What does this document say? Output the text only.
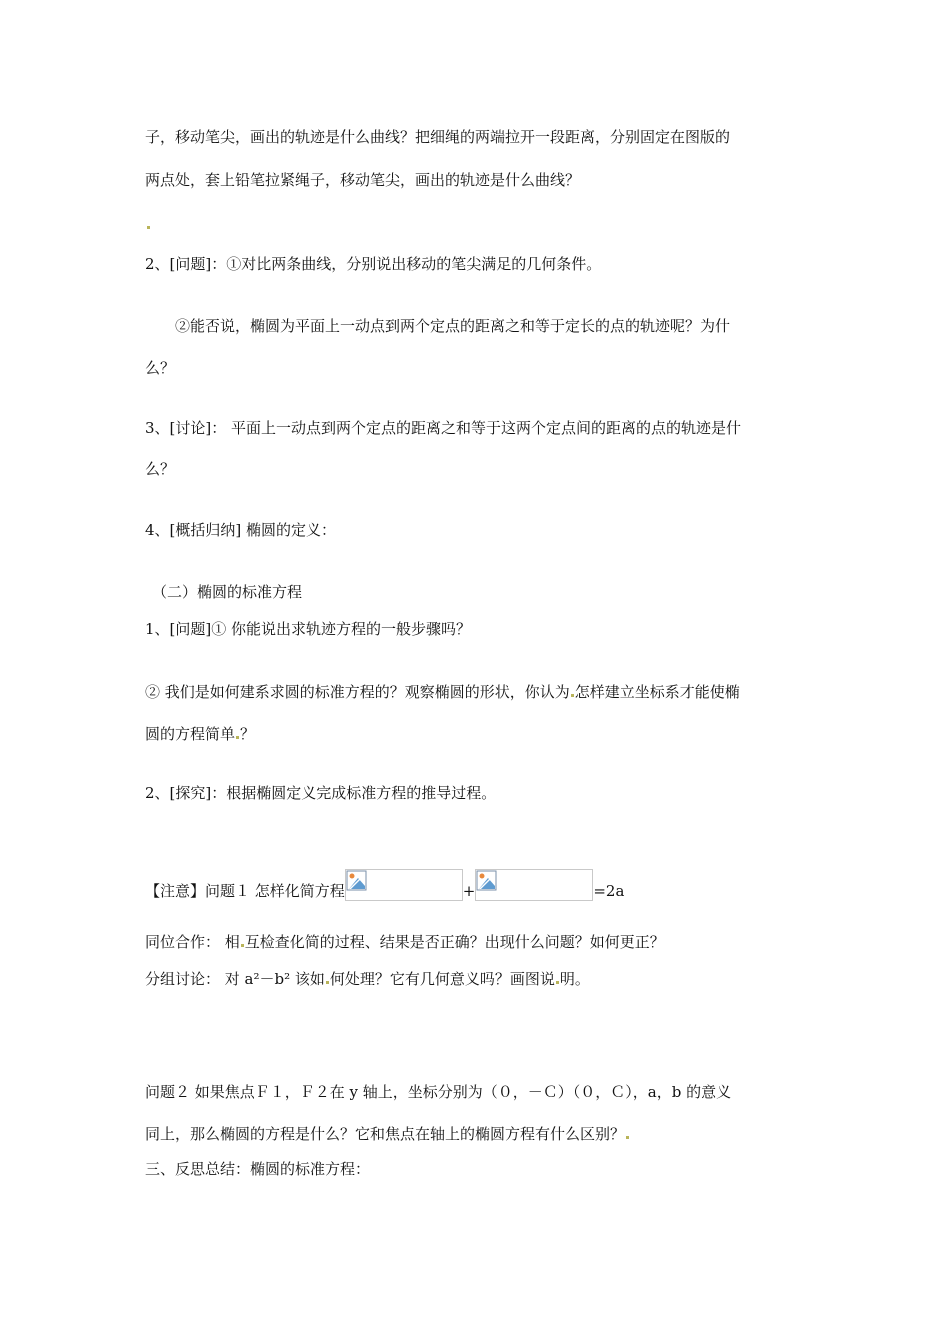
子，移动笔尖，画出的轨迹是什么曲线？把细绳的两端拉开一段距离，分别固定在图版的
两点处，套上铅笔拉紧绳子，移动笔尖，画出的轨迹是什么曲线？
2、[问题]：①对比两条曲线，分别说出移动的笔尖满足的几何条件。
②能否说，椭圆为平面上一动点到两个定点的距离之和等于定长的点的轨迹呢？为什
么？
3、[讨论]： 平面上一动点到两个定点的距离之和等于这两个定点间的距离的点的轨迹是什
么？
4、[概括归纳] 椭圆的定义：
（二）椭圆的标准方程
1、[问题]① 你能说出求轨迹方程的一般步骤吗？
② 我们是如何建系求圆的标准方程的？观察椭圆的形状，你认为 怎样建立坐标系才能使椭
圆的方程简单 ？
2、[探究]：根据椭圆定义完成标准方程的推导过程。
【注意】问题１ 怎样化简方程	+	=2a
同位合作： 相 互检查化简的过程、结果是否正确？出现什么问题？如何更正？
分组讨论： 对 a²－b² 该如 何处理？它有几何意义吗？画图说 明。
问题２ 如果焦点Ｆ１，Ｆ２在 y 轴上，坐标分别为（０，－Ｃ）（０，Ｃ），a，b 的意义
同上，那么椭圆的方程是什么？它和焦点在轴上的椭圆方程有什么区别？
三、反思总结：椭圆的标准方程：
